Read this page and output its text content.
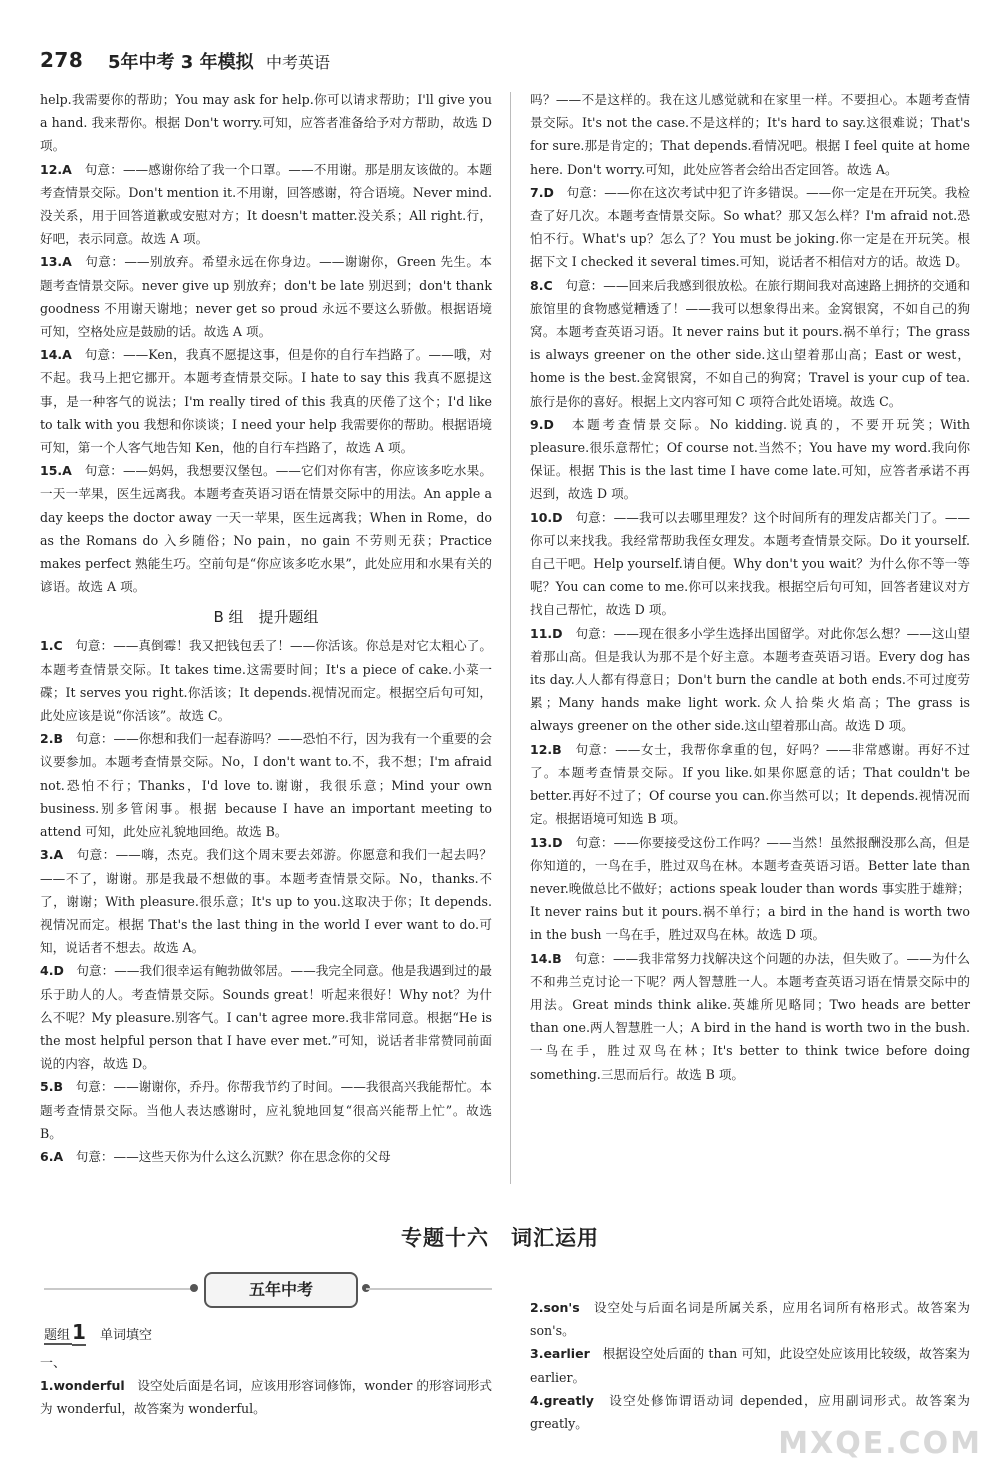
278 5年中考 3 年模拟 中考英语

help.我需要你的帮助；You may ask for help.你可以请求帮助；I'll give you a hand. 我来帮你。根据 Don't worry.可知，应答者准备给予对方帮助，故选 D 项。

12.A　 句意：——感谢你给了我一个口罩。——不用谢。那是朋友该做的。本题考查情景交际。Don't mention it.不用谢，回答感谢，符合语境。Never mind.没关系，用于回答道歉或安慰对方；It doesn't matter.没关系；All right.行，好吧，表示同意。故选 A 项。

13.A　 句意：——别放弃。希望永远在你身边。——谢谢你，Green 先生。本题考查情景交际。never give up 别放弃；don't be late 别迟到；don't thank goodness 不用谢天谢地；never get so proud 永远不要这么骄傲。根据语境可知，空格处应是鼓励的话。故选 A 项。

14.A　 句意：——Ken，我真不愿提这事，但是你的自行车挡路了。——哦，对不起。我马上把它挪开。本题考查情景交际。I hate to say this 我真不愿提这事，是一种客气的说法；I'm really tired of this 我真的厌倦了这个；I'd like to talk with you 我想和你谈谈；I need your help 我需要你的帮助。根据语境可知，第一个人客气地告知 Ken，他的自行车挡路了，故选 A 项。

15.A　 句意：——妈妈，我想要汉堡包。——它们对你有害，你应该多吃水果。一天一苹果，医生远离我。本题考查英语习语在情景交际中的用法。An apple a day keeps the doctor away 一天一苹果，医生远离我；When in Rome，do as the Romans do 入乡随俗；No pain，no gain 不劳则无获；Practice makes perfect 熟能生巧。空前句是“你应该多吃水果”，此处应用和水果有关的谚语。故选 A 项。

B 组　提升题组

1.C　 句意：——真倒霉！我又把钱包丢了！——你活该。你总是对它太粗心了。本题考查情景交际。It takes time.这需要时间；It's a piece of cake.小菜一碟；It serves you right.你活该；It depends.视情况而定。根据空后句可知，此处应该是说“你活该”。故选 C。

2.B　 句意：——你想和我们一起春游吗？——恐怕不行，因为我有一个重要的会议要参加。本题考查情景交际。No，I don't want to.不，我不想；I'm afraid not.恐怕不行；Thanks，I'd love to.谢谢，我很乐意；Mind your own business.别多管闲事。根据 because I have an important meeting to attend 可知，此处应礼貌地回绝。故选 B。

3.A　 句意：——嗨，杰克。我们这个周末要去郊游。你愿意和我们一起去吗？——不了，谢谢。那是我最不想做的事。本题考查情景交际。No，thanks.不了，谢谢；With pleasure.很乐意；It's up to you.这取决于你；It depends.视情况而定。根据 That's the last thing in the world I ever want to do.可知，说话者不想去。故选 A。

4.D　 句意：——我们很幸运有鲍勃做邻居。——我完全同意。他是我遇到过的最乐于助人的人。考查情景交际。Sounds great！听起来很好！Why not？为什么不呢？My pleasure.别客气。I can't agree more.我非常同意。根据“He is the most helpful person that I have ever met.”可知，说话者非常赞同前面说的内容，故选 D。

5.B　 句意：——谢谢你，乔丹。你帮我节约了时间。——我很高兴我能帮忙。本题考查情景交际。当他人表达感谢时，应礼貌地回复“很高兴能帮上忙”。故选 B。

6.A　 句意：——这些天你为什么这么沉默？你在思念你的父母

吗？——不是这样的。我在这儿感觉就和在家里一样。不要担心。本题考查情景交际。It's not the case.不是这样的；It's hard to say.这很难说；That's for sure.那是肯定的；That depends.看情况吧。根据 I feel quite at home here. Don't worry.可知，此处应答者会给出否定回答。故选 A。

7.D　 句意：——你在这次考试中犯了许多错误。——你一定是在开玩笑。我检查了好几次。本题考查情景交际。So what？那又怎么样？I'm afraid not.恐怕不行。What's up？怎么了？You must be joking.你一定是在开玩笑。根据下文 I checked it several times.可知，说话者不相信对方的话。故选 D。

8.C　 句意：——回来后我感到很放松。在旅行期间我对高速路上拥挤的交通和旅馆里的食物感觉糟透了！——我可以想象得出来。金窝银窝，不如自己的狗窝。本题考查英语习语。It never rains but it pours.祸不单行；The grass is always greener on the other side.这山望着那山高；East or west，home is the best.金窝银窝，不如自己的狗窝；Travel is your cup of tea.旅行是你的喜好。根据上文内容可知 C 项符合此处语境。故选 C。

9.D　 本题考查情景交际。No kidding.说真的，不要开玩笑；With pleasure.很乐意帮忙；Of course not.当然不；You have my word.我向你保证。根据 This is the last time I have come late.可知，应答者承诺不再迟到，故选 D 项。

10.D　 句意：——我可以去哪里理发？这个时间所有的理发店都关门了。——你可以来找我。我经常帮助我侄女理发。本题考查情景交际。Do it yourself.自己干吧。Help yourself.请自便。Why don't you wait？为什么你不等一等呢？You can come to me.你可以来找我。根据空后句可知，回答者建议对方找自己帮忙，故选 D 项。

11.D　 句意：——现在很多小学生选择出国留学。对此你怎么想？——这山望着那山高。但是我认为那不是个好主意。本题考查英语习语。Every dog has its day.人人都有得意日；Don't burn the candle at both ends.不可过度劳累；Many hands make light work.众人拾柴火焰高；The grass is always greener on the other side.这山望着那山高。故选 D 项。

12.B　 句意：——女士，我帮你拿重的包，好吗？——非常感谢。再好不过了。本题考查情景交际。If you like.如果你愿意的话；That couldn't be better.再好不过了；Of course you can.你当然可以；It depends.视情况而定。根据语境可知选 B 项。

13.D　 句意：——你要接受这份工作吗？——当然！虽然报酬没那么高，但是你知道的，一鸟在手，胜过双鸟在林。本题考查英语习语。Better late than never.晚做总比不做好；actions speak louder than words 事实胜于雄辩；It never rains but it pours.祸不单行；a bird in the hand is worth two in the bush 一鸟在手，胜过双鸟在林。故选 D 项。

14.B　 句意：——我非常努力找解决这个问题的办法，但失败了。——为什么不和弗兰克讨论一下呢？两人智慧胜一人。本题考查英语习语在情景交际中的用法。Great minds think alike.英雄所见略同；Two heads are better than one.两人智慧胜一人；A bird in the hand is worth two in the bush.一鸟在手，胜过双鸟在林；It's better to think twice before doing something.三思而后行。故选 B 项。

专题十六　词汇运用
五年中考
题组 1 单词填空
一、

1.wonderful　 设空处后面是名词，应该用形容词修饰，wonder 的形容词形式为 wonderful，故答案为 wonderful。

2.son's　 设空处与后面名词是所属关系，应用名词所有格形式。故答案为 son's。

3.earlier　 根据设空处后面的 than 可知，此设空处应该用比较级，故答案为 earlier。

4.greatly　 设空处修饰谓语动词 depended，应用副词形式。故答案为 greatly。

MXQE.COM
